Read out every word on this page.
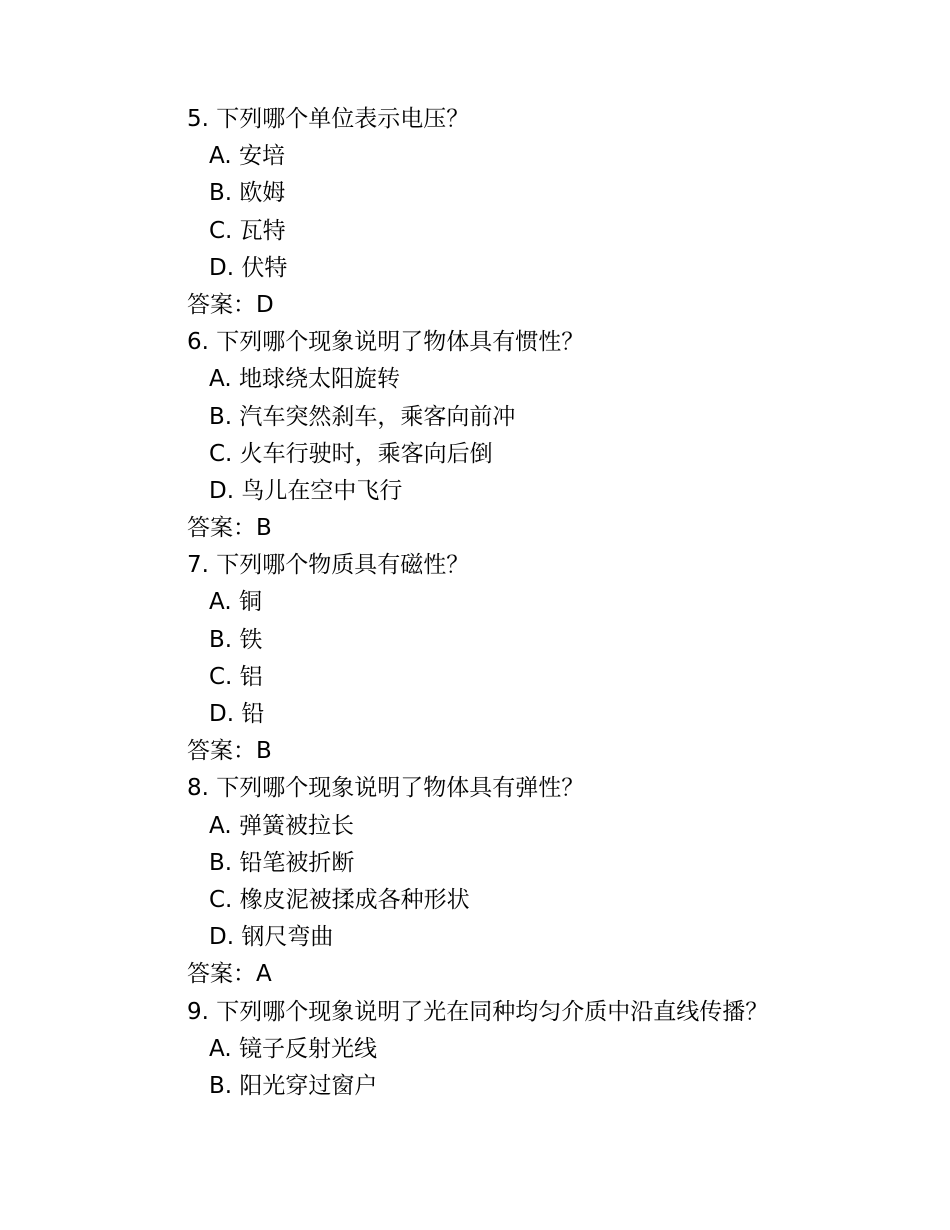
5. 下列哪个单位表示电压？
A. 安培
B. 欧姆
C. 瓦特
D. 伏特
答案：D
6. 下列哪个现象说明了物体具有惯性？
A. 地球绕太阳旋转
B. 汽车突然刹车，乘客向前冲
C. 火车行驶时，乘客向后倒
D. 鸟儿在空中飞行
答案：B
7. 下列哪个物质具有磁性？
A. 铜
B. 铁
C. 铝
D. 铅
答案：B
8. 下列哪个现象说明了物体具有弹性？
A. 弹簧被拉长
B. 铅笔被折断
C. 橡皮泥被揉成各种形状
D. 钢尺弯曲
答案：A
9. 下列哪个现象说明了光在同种均匀介质中沿直线传播？
A. 镜子反射光线
B. 阳光穿过窗户
